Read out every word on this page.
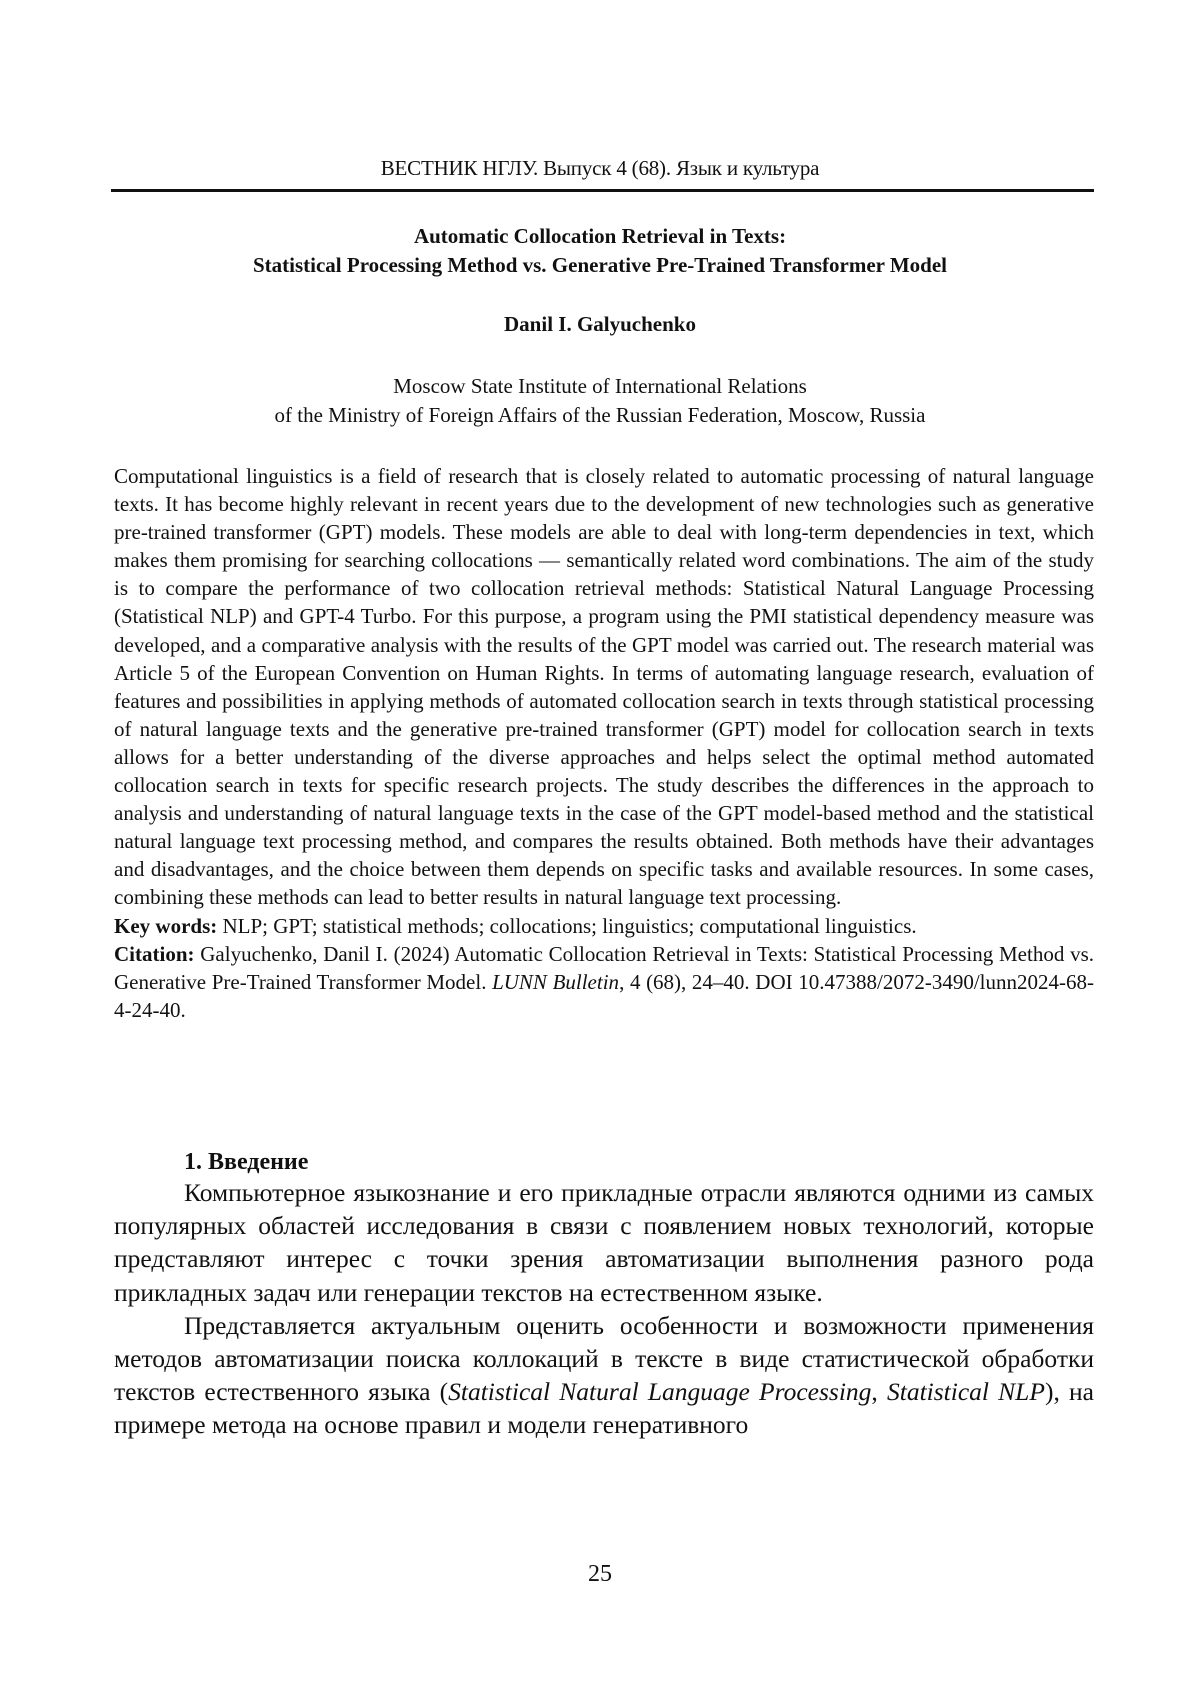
ВЕСТНИК НГЛУ. Выпуск 4 (68). Язык и культура
Automatic Collocation Retrieval in Texts:
Statistical Processing Method vs. Generative Pre-Trained Transformer Model
Danil I. Galyuchenko
Moscow State Institute of International Relations
of the Ministry of Foreign Affairs of the Russian Federation, Moscow, Russia

Computational linguistics is a field of research that is closely related to automatic processing of natural language texts. It has become highly relevant in recent years due to the development of new technologies such as generative pre-trained transformer (GPT) models. These models are able to deal with long-term dependencies in text, which makes them promising for searching collocations — semantically related word combinations. The aim of the study is to compare the performance of two collocation retrieval methods: Statistical Natural Language Processing (Statistical NLP) and GPT-4 Turbo. For this purpose, a program using the PMI statistical dependency measure was developed, and a comparative analysis with the results of the GPT model was carried out. The research material was Article 5 of the European Convention on Human Rights. In terms of automating language research, evaluation of features and possibilities in applying methods of automated collocation search in texts through statistical processing of natural language texts and the generative pre-trained transformer (GPT) model for collocation search in texts allows for a better understanding of the diverse approaches and helps select the optimal method automated collocation search in texts for specific research projects. The study describes the differences in the approach to analysis and understanding of natural language texts in the case of the GPT model-based method and the statistical natural language text processing method, and compares the results obtained. Both methods have their advantages and disadvantages, and the choice between them depends on specific tasks and available resources. In some cases, combining these methods can lead to better results in natural language text processing.

Key words: NLP; GPT; statistical methods; collocations; linguistics; computational linguistics.

Citation: Galyuchenko, Danil I. (2024) Automatic Collocation Retrieval in Texts: Statistical Processing Method vs. Generative Pre-Trained Transformer Model. LUNN Bulletin, 4 (68), 24–40. DOI 10.47388/2072-3490/lunn2024-68-4-24-40.

1. Введение

Компьютерное языкознание и его прикладные отрасли являются одними из самых популярных областей исследования в связи с появлением новых технологий, которые представляют интерес с точки зрения автоматизации выполнения разного рода прикладных задач или генерации текстов на естественном языке.

Представляется актуальным оценить особенности и возможности применения методов автоматизации поиска коллокаций в тексте в виде статистической обработки текстов естественного языка (Statistical Natural Language Processing, Statistical NLP), на примере метода на основе правил и модели генеративного

25
